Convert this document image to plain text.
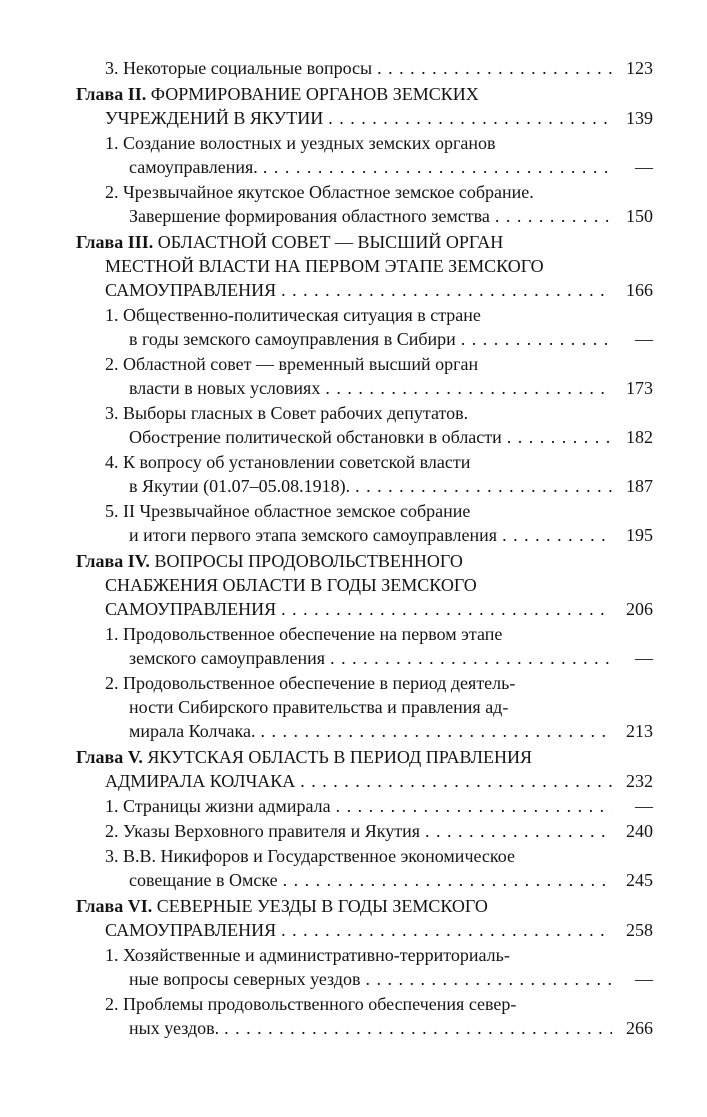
3. Некоторые социальные вопросы . . .	123
Глава II. ФОРМИРОВАНИЕ ОРГАНОВ ЗЕМСКИХ
УЧРЕЖДЕНИЙ В ЯКУТИИ . . .	139
1. Создание волостных и уездных земских органов
самоуправления. . . .	—
2. Чрезвычайное якутское Областное земское собрание.
Завершение формирования областного земства . . .	150
Глава III. ОБЛАСТНОЙ СОВЕТ — ВЫСШИЙ ОРГАН
МЕСТНОЙ ВЛАСТИ НА ПЕРВОМ ЭТАПЕ ЗЕМСКОГО
САМОУПРАВЛЕНИЯ . . .	166
1. Общественно-политическая ситуация в стране
в годы земского самоуправления в Сибири . . .	—
2. Областной совет — временный высший орган
власти в новых условиях . . .	173
3. Выборы гласных в Совет рабочих депутатов.
Обострение политической обстановки в области . . .	182
4. К вопросу об установлении советской власти
в Якутии (01.07–05.08.1918). . . .	187
5. II Чрезвычайное областное земское собрание
и итоги первого этапа земского самоуправления . . .	195
Глава IV. ВОПРОСЫ ПРОДОВОЛЬСТВЕННОГО
СНАБЖЕНИЯ ОБЛАСТИ В ГОДЫ ЗЕМСКОГО
САМОУПРАВЛЕНИЯ . . .	206
1. Продовольственное обеспечение на первом этапе
земского самоуправления . . .	—
2. Продовольственное обеспечение в период деятель-
ности Сибирского правительства и правления ад-
мирала Колчака. . . .	213
Глава V. ЯКУТСКАЯ ОБЛАСТЬ В ПЕРИОД ПРАВЛЕНИЯ
АДМИРАЛА КОЛЧАКА . . .	232
1. Страницы жизни адмирала . . .	—
2. Указы Верховного правителя и Якутия . . .	240
3. В.В. Никифоров и Государственное экономическое
совещание в Омске . . .	245
Глава VI. СЕВЕРНЫЕ УЕЗДЫ В ГОДЫ ЗЕМСКОГО
САМОУПРАВЛЕНИЯ . . .	258
1. Хозяйственные и административно-территориаль-
ные вопросы северных уездов . . .	—
2. Проблемы продовольственного обеспечения север-
ных уездов. . . .	266
